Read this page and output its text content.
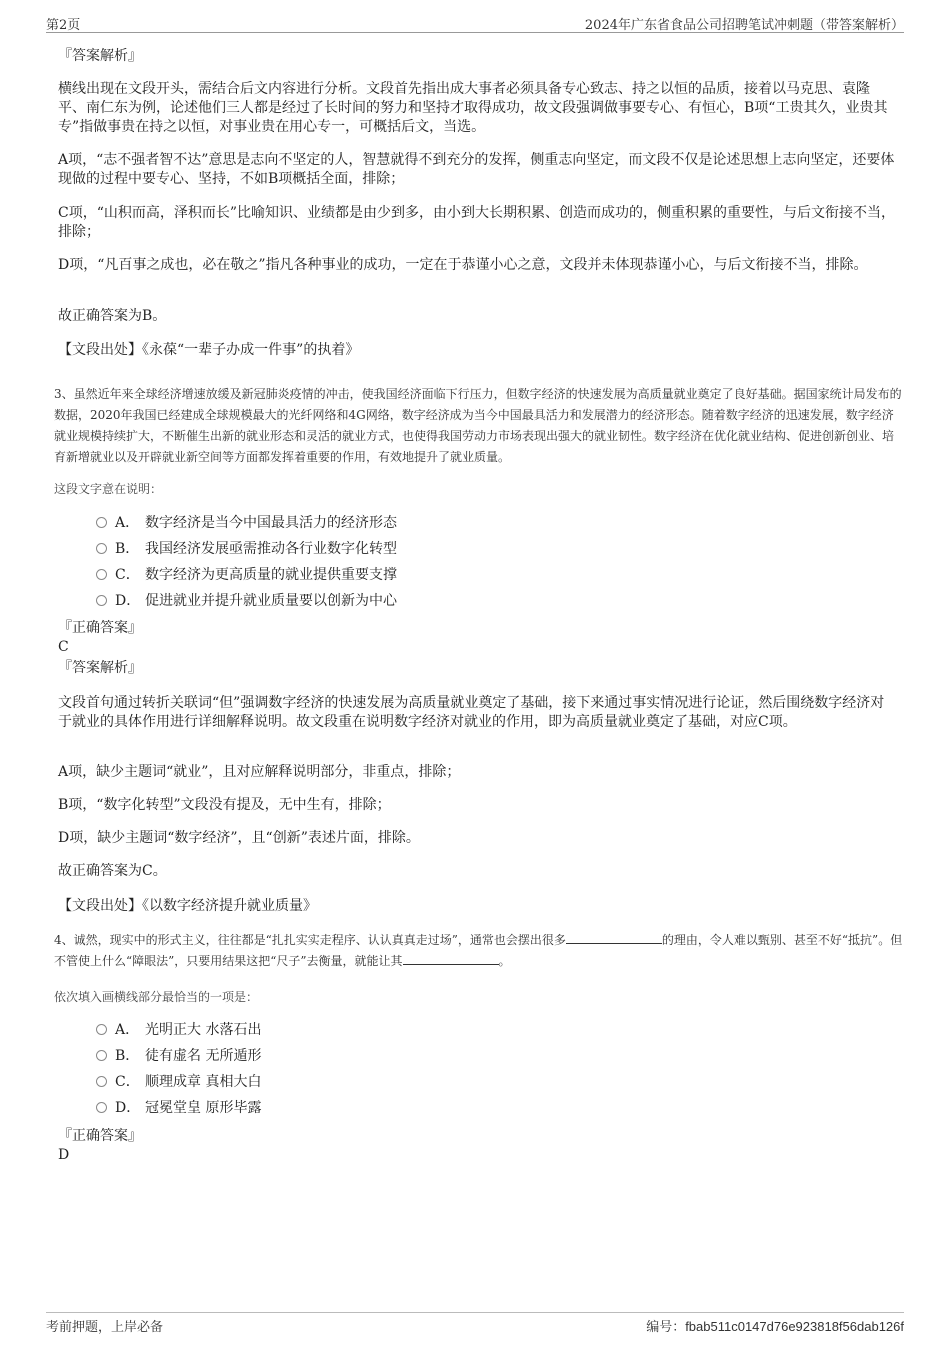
第2页	2024年广东省食品公司招聘笔试冲刺题（带答案解析）
『答案解析』
横线出现在文段开头，需结合后文内容进行分析。文段首先指出成大事者必须具备专心致志、持之以恒的品质，接着以马克思、袁隆平、南仁东为例，论述他们三人都是经过了长时间的努力和坚持才取得成功，故文段强调做事要专心、有恒心，B项“工贵其久，业贵其专”指做事贵在持之以恒，对事业贵在用心专一，可概括后文，当选。
A项，“志不强者智不达”意思是志向不坚定的人，智慧就得不到充分的发挥，侧重志向坚定，而文段不仅是论述思想上志向坚定，还要体现做的过程中要专心、坚持，不如B项概括全面，排除；
C项，“山积而高，泽积而长”比喻知识、业绩都是由少到多，由小到大长期积累、创造而成功的，侧重积累的重要性，与后文衔接不当，排除；
D项，“凡百事之成也，必在敬之”指凡各种事业的成功，一定在于恭谨小心之意，文段并未体现恭谨小心，与后文衔接不当，排除。
故正确答案为B。
【文段出处】《永葆“一辈子办成一件事”的执着》
3、虽然近年来全球经济增速放缓及新冠肺炎疫情的冲击，使我国经济面临下行压力，但数字经济的快速发展为高质量就业奠定了良好基础。据国家统计局发布的数据，2020年我国已经建成全球规模最大的光纤网络和4G网络，数字经济成为当今中国最具活力和发展潜力的经济形态。随着数字经济的迅速发展，数字经济就业规模持续扩大，不断催生出新的就业形态和灵活的就业方式，也使得我国劳动力市场表现出强大的就业韧性。数字经济在优化就业结构、促进创新创业、培育新增就业以及开辟就业新空间等方面都发挥着重要的作用，有效地提升了就业质量。
这段文字意在说明：
A． 数字经济是当今中国最具活力的经济形态
B． 我国经济发展亟需推动各行业数字化转型
C． 数字经济为更高质量的就业提供重要支撑
D． 促进就业并提升就业质量要以创新为中心
『正确答案』
C
『答案解析』
文段首句通过转折关联词“但”强调数字经济的快速发展为高质量就业奠定了基础，接下来通过事实情况进行论证，然后围绕数字经济对于就业的具体作用进行详细解释说明。故文段重在说明数字经济对就业的作用，即为高质量就业奠定了基础，对应C项。
A项，缺少主题词“就业”，且对应解释说明部分，非重点，排除；
B项，“数字化转型”文段没有提及，无中生有，排除；
D项，缺少主题词“数字经济”，且“创新”表述片面，排除。
故正确答案为C。
【文段出处】《以数字经济提升就业质量》
4、诚然，现实中的形式主义，往往都是“扎扎实实走程序、认认真真走过场”，通常也会摆出很多	的理由，令人难以甄别、甚至不好“抵抗”。但不管使上什么“障眼法”，只要用结果这把“尺子”去衡量，就能让其	。
依次填入画横线部分最恰当的一项是：
A． 光明正大 水落石出
B． 徒有虚名 无所遁形
C． 顺理成章 真相大白
D． 冠冕堂皇 原形毕露
『正确答案』
D
考前押题，上岸必备	编号：fbab511c0147d76e923818f56dab126f
